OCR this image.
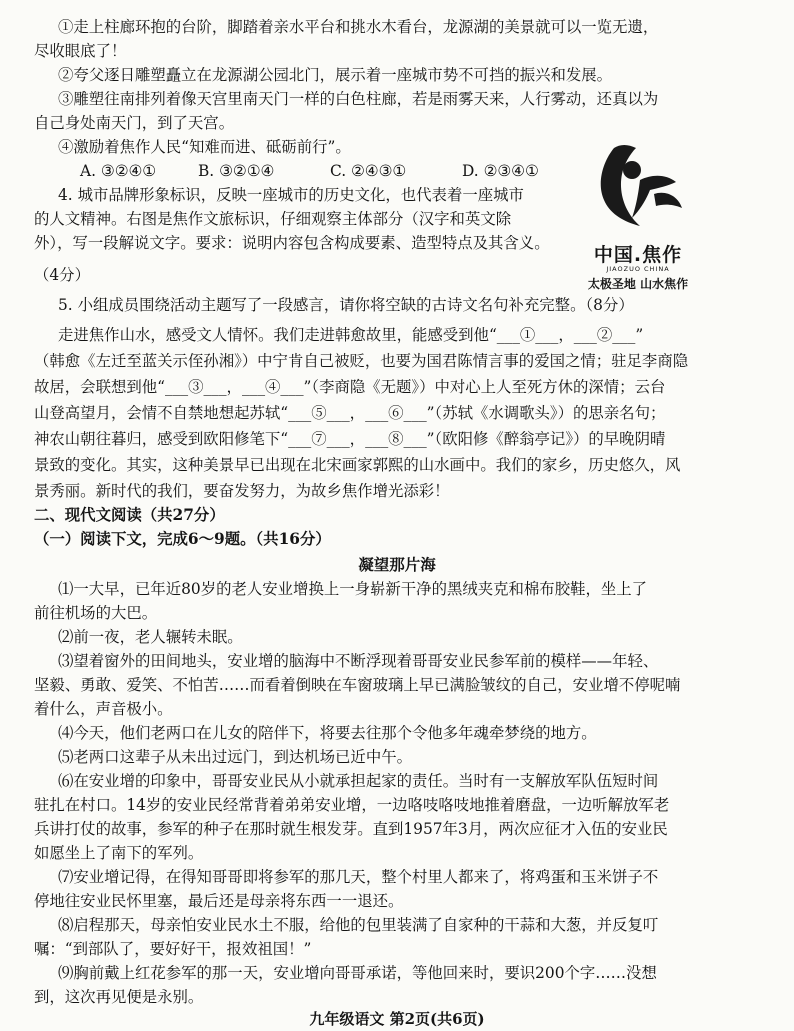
①走上柱廊环抱的台阶，脚踏着亲水平台和挑水木看台，龙源湖的美景就可以一览无遗，
尽收眼底了！
②夸父逐日雕塑矗立在龙源湖公园北门，展示着一座城市势不可挡的振兴和发展。
③雕塑往南排列着像天宫里南天门一样的白色柱廊，若是雨雾天来，人行雾动，还真以为
自己身处南天门，到了天宫。
④激励着焦作人民“知难而进、砥砺前行”。
A. ③②④①	B. ③②①④	C. ②④③①	D. ②③④①
4. 城市品牌形象标识，反映一座城市的历史文化，也代表着一座城市
的人文精神。右图是焦作文旅标识，仔细观察主体部分（汉字和英文除
外），写一段解说文字。要求：说明内容包含构成要素、造型特点及其含义。
（4分）
中国.焦作
JIAOZUO CHINA
太极圣地 山水焦作
5. 小组成员围绕活动主题写了一段感言，请你将空缺的古诗文名句补充完整。（8分）
走进焦作山水，感受文人情怀。我们走进韩愈故里，能感受到他“___①___，___②___”
（韩愈《左迁至蓝关示侄孙湘》）中宁肯自己被贬，也要为国君陈情言事的爱国之情；驻足李商隐
故居，会联想到他“___③___，___④___”（李商隐《无题》）中对心上人至死方休的深情；云台
山登高望月，会情不自禁地想起苏轼“___⑤___，___⑥___”（苏轼《水调歌头》）的思亲名句；
神农山朝往暮归，感受到欧阳修笔下“___⑦___，___⑧___”（欧阳修《醉翁亭记》）的早晚阴晴
景致的变化。其实，这种美景早已出现在北宋画家郭熙的山水画中。我们的家乡，历史悠久，风
景秀丽。新时代的我们，要奋发努力，为故乡焦作增光添彩！
二、现代文阅读（共27分）
（一）阅读下文，完成6～9题。（共16分）
凝望那片海
⑴一大早，已年近80岁的老人安业增换上一身崭新干净的黑绒夹克和棉布胶鞋，坐上了
前往机场的大巴。
⑵前一夜，老人辗转未眠。
⑶望着窗外的田间地头，安业增的脑海中不断浮现着哥哥安业民参军前的模样——年轻、
坚毅、勇敢、爱笑、不怕苦……而看着倒映在车窗玻璃上早已满脸皱纹的自己，安业增不停呢喃
着什么，声音极小。
⑷今天，他们老两口在儿女的陪伴下，将要去往那个令他多年魂牵梦绕的地方。
⑸老两口这辈子从未出过远门，到达机场已近中午。
⑹在安业增的印象中，哥哥安业民从小就承担起家的责任。当时有一支解放军队伍短时间
驻扎在村口。14岁的安业民经常背着弟弟安业增，一边咯吱咯吱地推着磨盘，一边听解放军老
兵讲打仗的故事，参军的种子在那时就生根发芽。直到1957年3月，两次应征才入伍的安业民
如愿坐上了南下的军列。
⑺安业增记得，在得知哥哥即将参军的那几天，整个村里人都来了，将鸡蛋和玉米饼子不
停地往安业民怀里塞，最后还是母亲将东西一一退还。
⑻启程那天，母亲怕安业民水土不服，给他的包里装满了自家种的干蒜和大葱，并反复叮
嘱：“到部队了，要好好干，报效祖国！”
⑼胸前戴上红花参军的那一天，安业增向哥哥承诺，等他回来时，要识200个字……没想
到，这次再见便是永别。
九年级语文 第2页(共6页)
